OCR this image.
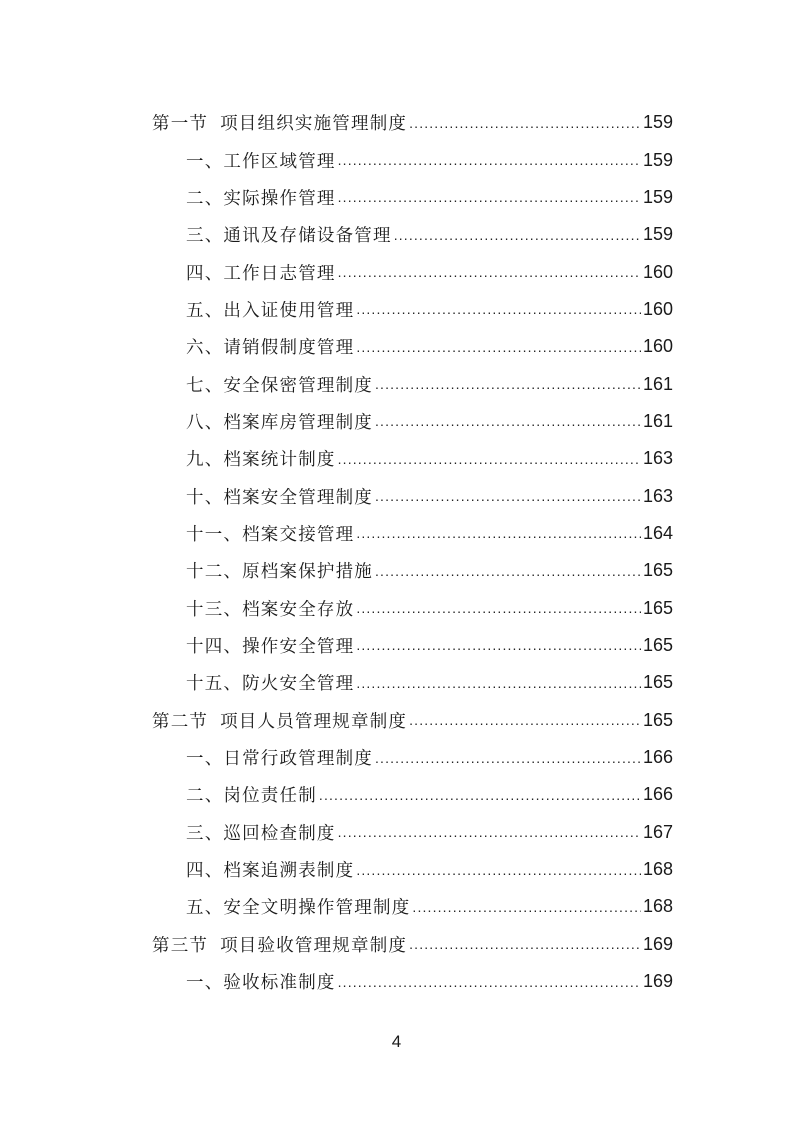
第一节 项目组织实施管理制度 .....	159
一、工作区域管理 .....	159
二、实际操作管理 .....	159
三、通讯及存储设备管理 .....	159
四、工作日志管理 .....	160
五、出入证使用管理 .....	160
六、请销假制度管理 .....	160
七、安全保密管理制度 .....	161
八、档案库房管理制度 .....	161
九、档案统计制度 .....	163
十、档案安全管理制度 .....	163
十一、档案交接管理 .....	164
十二、原档案保护措施 .....	165
十三、档案安全存放 .....	165
十四、操作安全管理 .....	165
十五、防火安全管理 .....	165
第二节 项目人员管理规章制度 .....	165
一、日常行政管理制度 .....	166
二、岗位责任制 .....	166
三、巡回检查制度 .....	167
四、档案追溯表制度 .....	168
五、安全文明操作管理制度 .....	168
第三节 项目验收管理规章制度 .....	169
一、验收标准制度 .....	169
4
